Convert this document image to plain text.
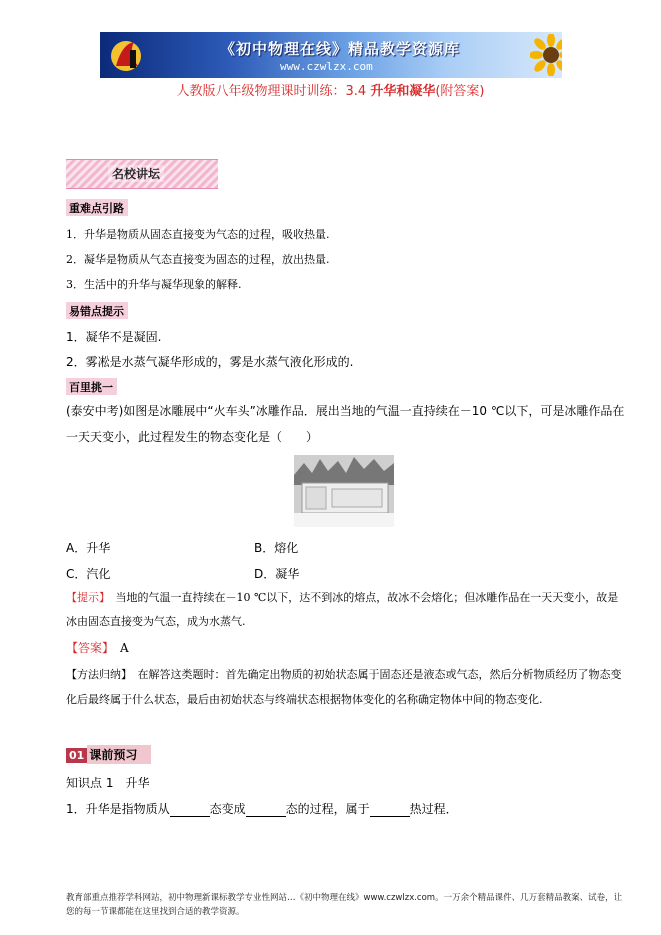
《初中物理在线》精品教学资源库
www.czwlzx.com
人教版八年级物理课时训练：3.4 升华和凝华(附答案)
名校讲坛
重难点引路
1．升华是物质从固态直接变为气态的过程，吸收热量.
2．凝华是物质从气态直接变为固态的过程，放出热量.
3．生活中的升华与凝华现象的解释.
易错点提示
1．凝华不是凝固.
2．雾凇是水蒸气凝华形成的，雾是水蒸气液化形成的.
百里挑一
(泰安中考)如图是冰雕展中“火车头”冰雕作品．展出当地的气温一直持续在－10 ℃以下，可是冰雕作品在一天天变小，此过程发生的物态变化是（　　）
A．升华	B．熔化
C．汽化	D．凝华
【提示】　当地的气温一直持续在－10 ℃以下，达不到冰的熔点，故冰不会熔化；但冰雕作品在一天天变小，故是冰由固态直接变为气态，成为水蒸气.
【答案】　A
【方法归纳】　在解答这类题时：首先确定出物质的初始状态属于固态还是液态或气态，然后分析物质经历了物态变化后最终属于什么状态，最后由初始状态与终端状态根据物体变化的名称确定物体中间的物态变化.
01 课前预习
知识点 1　升华
1．升华是指物质从	态变成	态的过程，属于	热过程．
教育部重点推荐学科网站，初中物理新课标教学专业性网站…《初中物理在线》www.czwlzx.com。一万余个精品课件、几万套精品教案、试卷，让您的每一节课都能在这里找到合适的教学资源。
